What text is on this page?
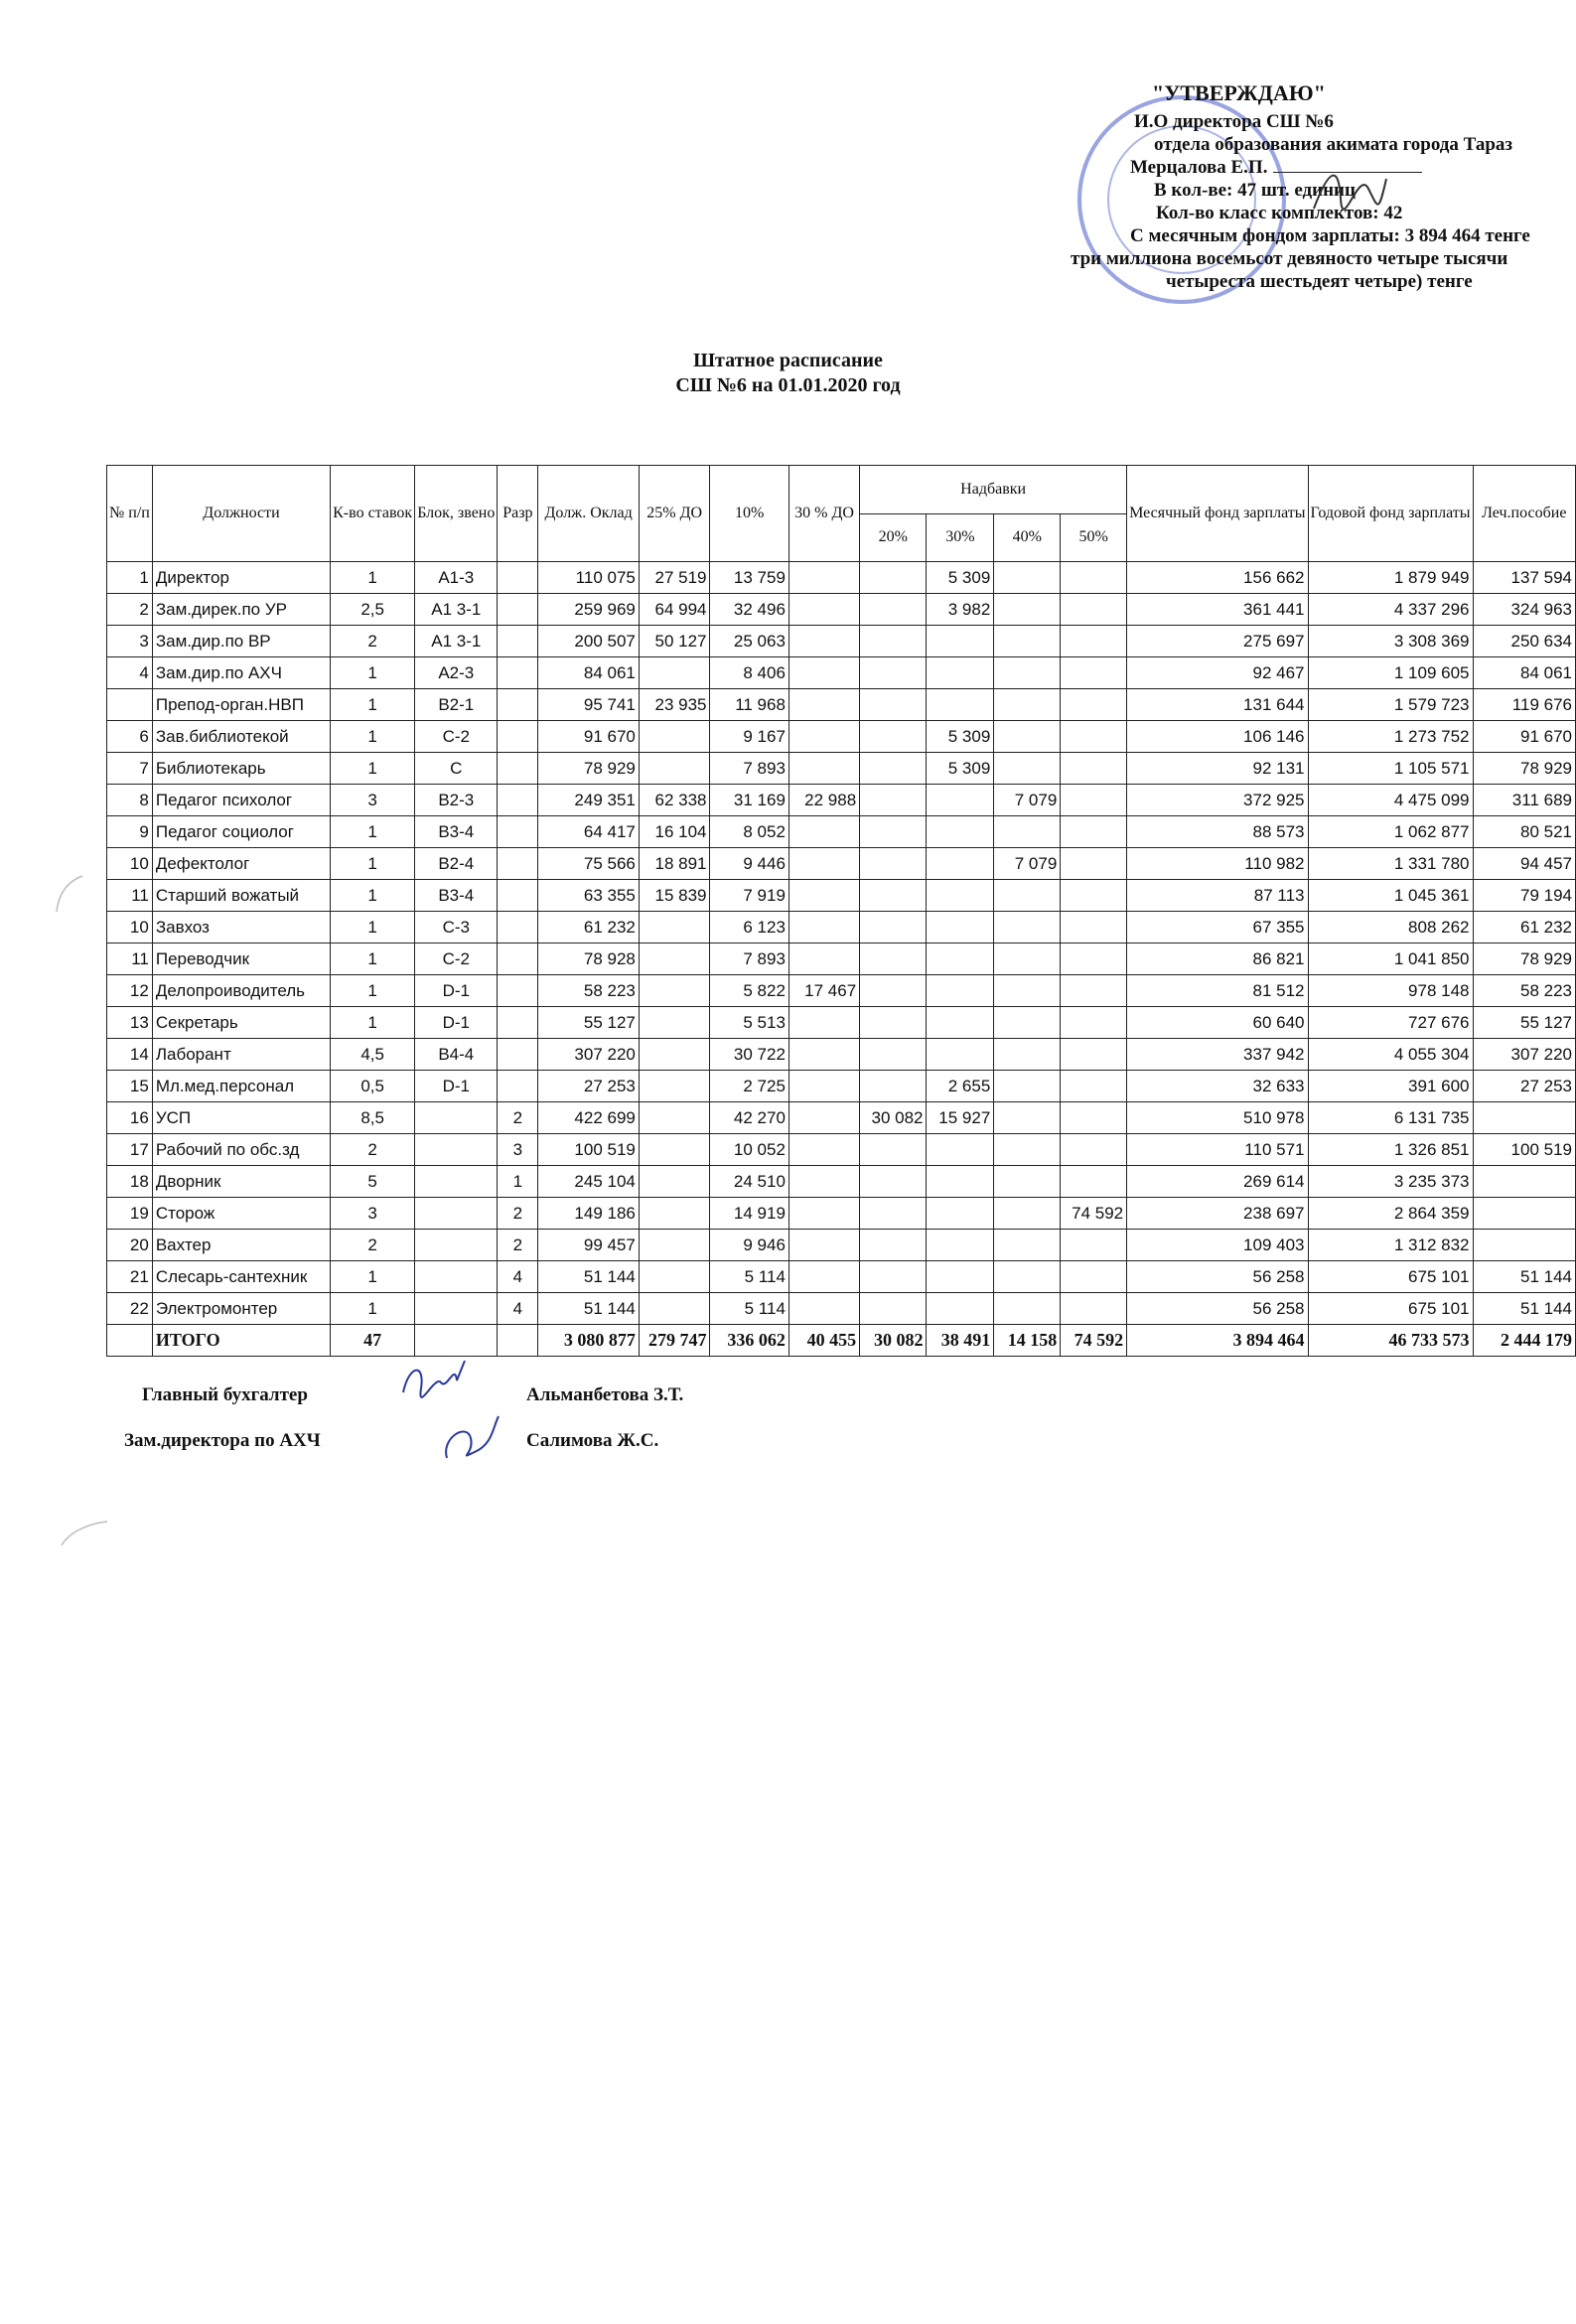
"УТВЕРЖДАЮ"
И.О директора СШ №6
отдела образования акимата города Тараз
Мерцалова Е.П.
В кол-ве: 47 шт. единиц
Кол-во класс комплектов: 42
С месячным фондом зарплаты: 3 894 464 тенге
три миллиона восемьсот девяносто четыре тысячи
четыреста шестьдеят четыре) тенге
Штатное расписание
СШ №6 на 01.01.2020 год
№ п/п	Должности	К-во ставок	Блок, звено	Разр	Долж. Оклад	25% ДО	10%	30 % ДО	Надбавки				Месячный фонд зарплаты	Годовой фонд зарплаты	Леч.пособие
									20%	30%	40%	50%			
1	Директор	1	А1-3		110 075	27 519	13 759			5 309			156 662	1 879 949	137 594
2	Зам.дирек.по УР	2,5	А1 3-1		259 969	64 994	32 496			3 982			361 441	4 337 296	324 963
3	Зам.дир.по ВР	2	А1 3-1		200 507	50 127	25 063						275 697	3 308 369	250 634
4	Зам.дир.по АХЧ	1	А2-3		84 061		8 406						92 467	1 109 605	84 061
	Препод-орган.НВП	1	В2-1		95 741	23 935	11 968						131 644	1 579 723	119 676
6	Зав.библиотекой	1	С-2		91 670		9 167			5 309			106 146	1 273 752	91 670
7	Библиотекарь	1	С		78 929		7 893			5 309			92 131	1 105 571	78 929
8	Педагог психолог	3	В2-3		249 351	62 338	31 169	22 988			7 079		372 925	4 475 099	311 689
9	Педагог социолог	1	В3-4		64 417	16 104	8 052						88 573	1 062 877	80 521
10	Дефектолог	1	В2-4		75 566	18 891	9 446				7 079		110 982	1 331 780	94 457
11	Старший вожатый	1	В3-4		63 355	15 839	7 919						87 113	1 045 361	79 194
10	Завхоз	1	С-3		61 232		6 123						67 355	808 262	61 232
11	Переводчик	1	С-2		78 928		7 893						86 821	1 041 850	78 929
12	Делопроиводитель	1	D-1		58 223		5 822	17 467					81 512	978 148	58 223
13	Секретарь	1	D-1		55 127		5 513						60 640	727 676	55 127
14	Лаборант	4,5	В4-4		307 220		30 722						337 942	4 055 304	307 220
15	Мл.мед.персонал	0,5	D-1		27 253		2 725			2 655			32 633	391 600	27 253
16	УСП	8,5		2	422 699		42 270		30 082	15 927			510 978	6 131 735	
17	Рабочий по обс.зд	2		3	100 519		10 052						110 571	1 326 851	100 519
18	Дворник	5		1	245 104		24 510						269 614	3 235 373	
19	Сторож	3		2	149 186		14 919					74 592	238 697	2 864 359	
20	Вахтер	2		2	99 457		9 946						109 403	1 312 832	
21	Слесарь-сантехник	1		4	51 144		5 114						56 258	675 101	51 144
22	Электромонтер	1		4	51 144		5 114						56 258	675 101	51 144
	ИТОГО	47			3 080 877	279 747	336 062	40 455	30 082	38 491	14 158	74 592	3 894 464	46 733 573	2 444 179
Главный бухгалтер	Альманбетова З.Т.
Зам.директора по АХЧ	Салимова Ж.С.
